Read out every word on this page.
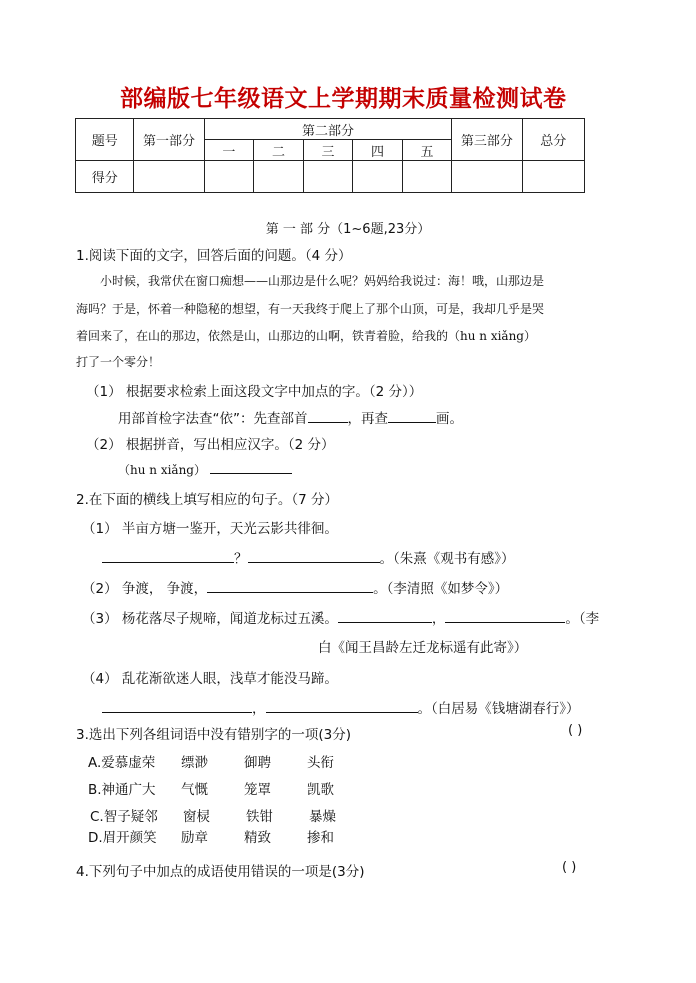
部编版七年级语文上学期期末质量检测试卷
题号	第一部分	第二部分					第三部分	总分
		一	二	三	四	五		
得分								
第 一 部 分（1~6题,23分）
1.阅读下面的文字，回答后面的问题。（4 分）
小时候，我常伏在窗口痴想——山那边是什么呢？妈妈给我说过：海！哦，山那边是
海吗？于是，怀着一种隐秘的想望，有一天我终于爬上了那个山顶，可是，我却几乎是哭
着回来了，在山的那边，依然是山，山那边的山啊，铁青着脸，给我的（hu n xiǎng）
打了一个零分！
（1） 根据要求检索上面这段文字中加点的字。（2 分））
用部首检字法查“依”：先查部首	，再查	画。
（2） 根据拼音，写出相应汉字。（2 分）
（hu n xiǎng）
2.在下面的横线上填写相应的句子。（7 分）
（1） 半亩方塘一鉴开，天光云影共徘徊。
？	。（朱熹《观书有感》）
（2） 争渡， 争渡，	。（李清照《如梦令》）
（3） 杨花落尽子规啼，闻道龙标过五溪。	，	。（李
白《闻王昌龄左迁龙标遥有此寄》）
（4） 乱花渐欲迷人眼，浅草才能没马蹄。
，	。（白居易《钱塘湖春行》）
3.选出下列各组词语中没有错别字的一项(3分)	( )
A.爱慕虚荣 缥渺	御聘	头衔
B.神通广大 气慨	笼罩	凯歌
C.智子疑邻 窗棂	铁钳	暴燥
D.眉开颜笑 励章	精致	掺和
4.下列句子中加点的成语使用错误的一项是(3分)	( )
